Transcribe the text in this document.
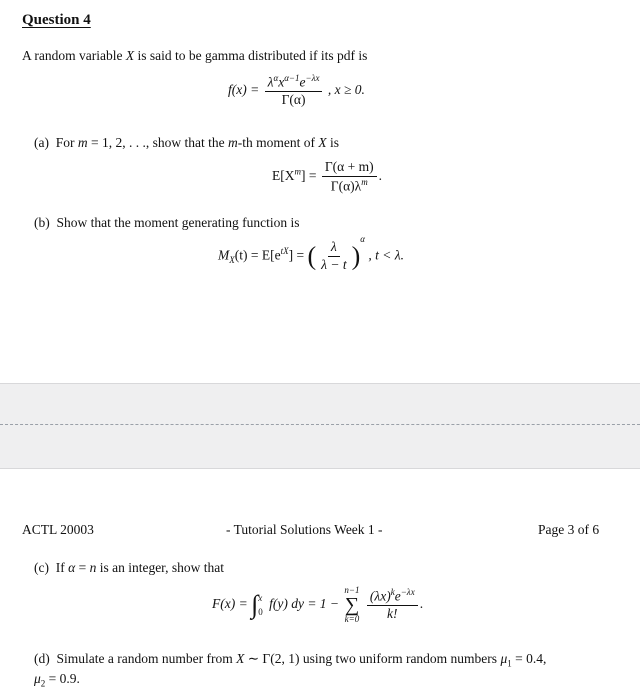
Question 4
A random variable X is said to be gamma distributed if its pdf is
$f(x) = \frac{\lambda^\alpha x^{\alpha-1}e^{-\lambda x}}{\Gamma(\alpha)}$ , x ≥ 0.
(a) For m = 1, 2, . . ., show that the m-th moment of X is
$E[X^m] = \frac{\Gamma(\alpha + m)}{\Gamma(\alpha)\lambda^m}$ .
(b) Show that the moment generating function is
$M_X(t) = E[e^{tX}]$ = ( $\frac{\lambda}{\lambda - t} )^\alpha$ , t < λ.
ACTL 20003	- Tutorial Solutions Week 1 -	Page 3 of 6
(c) If α = n is an integer, show that
F(x) = ∫ x
0
f(y) dy = 1 −
n−1
∑
k=0
$\frac{(\lambda x)^ke^{-\lambda x}}{k!}$ .
(d) Simulate a random number from X ∼ Γ(2, 1) using two uniform random numbers $\mu_1 = 0.4$,
$\mu_2 = 0.9$.
